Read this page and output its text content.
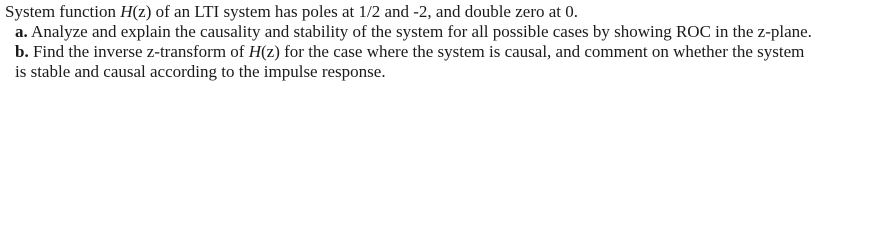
System function H(z) of an LTI system has poles at 1/2 and -2, and double zero at 0.
a. Analyze and explain the causality and stability of the system for all possible cases by showing ROC in the z-plane.
b. Find the inverse z-transform of H(z) for the case where the system is causal, and comment on whether the system
is stable and causal according to the impulse response.
